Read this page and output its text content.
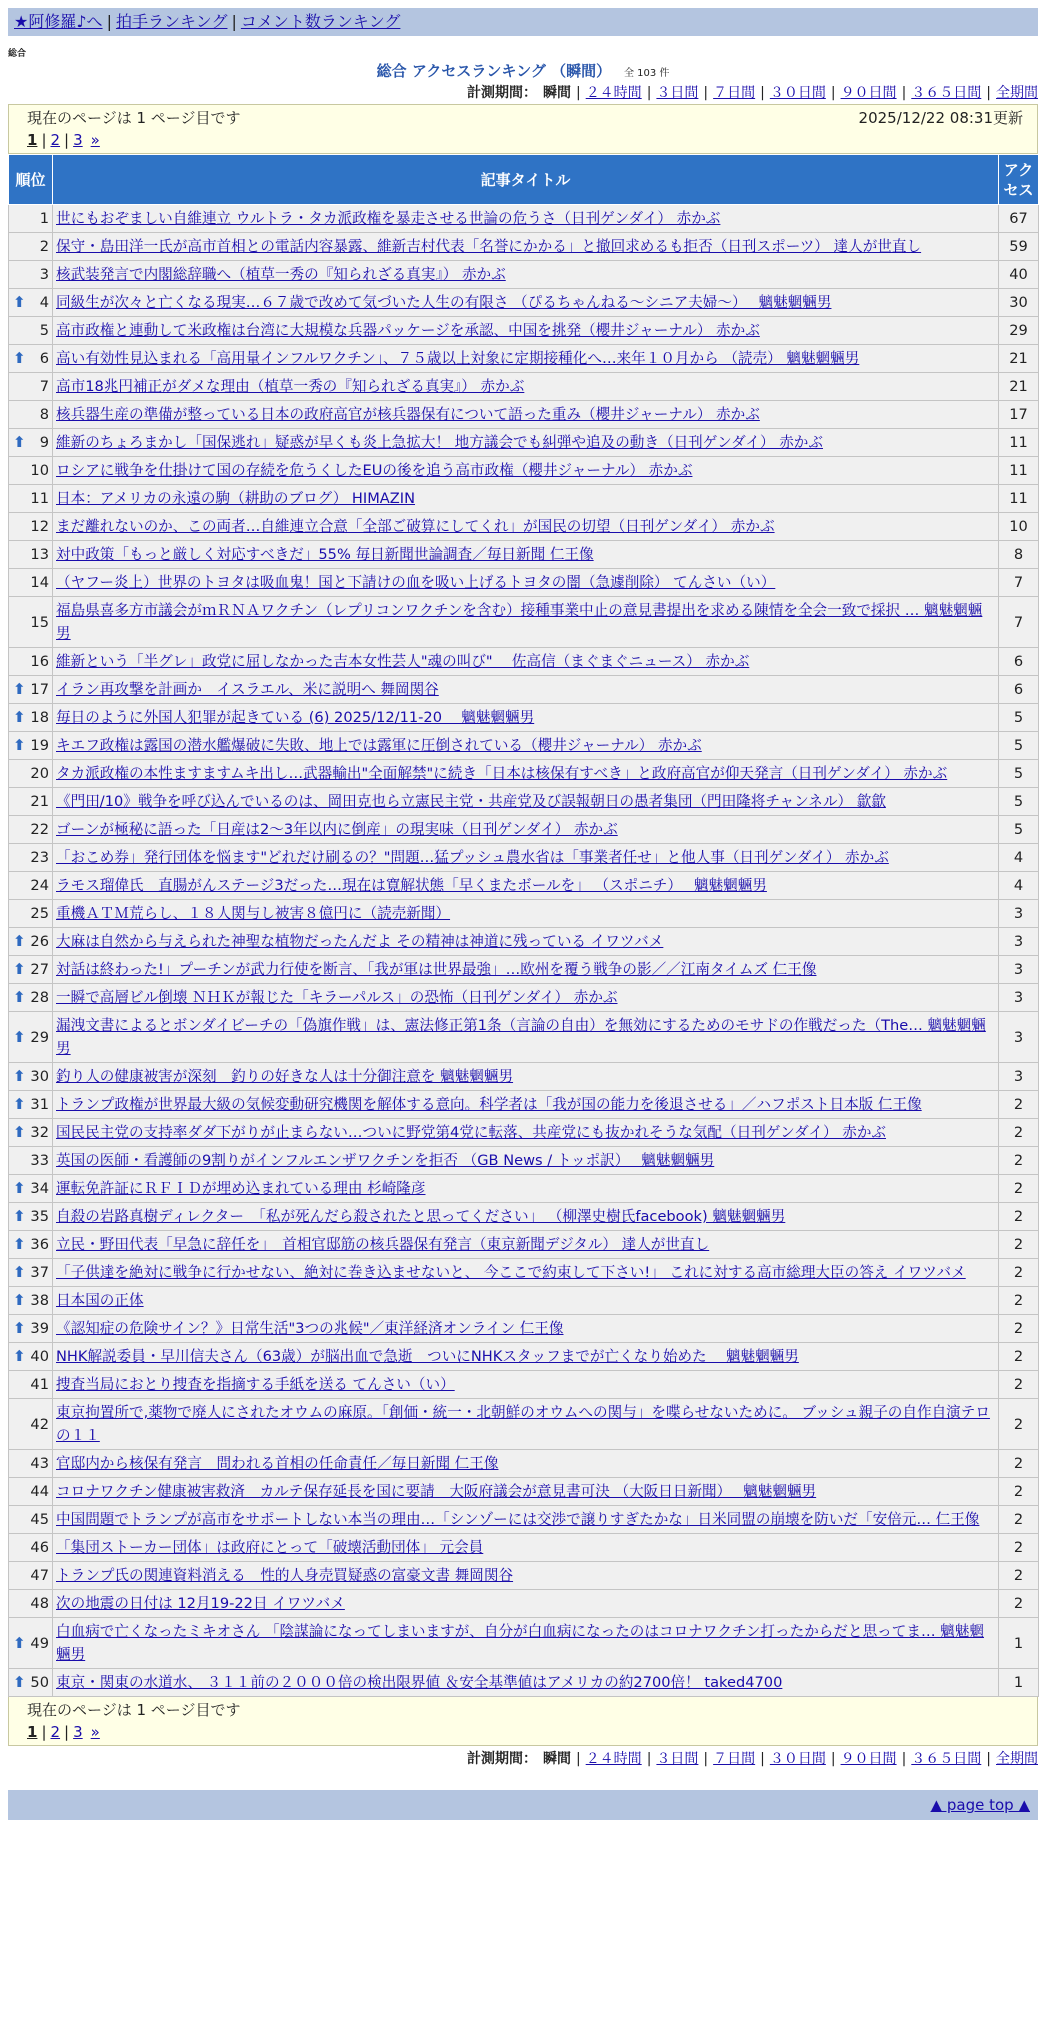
★阿修羅♪へ | 拍手ランキング | コメント数ランキング
総合
総合 アクセスランキング （瞬間） 全 103 件
計測期間： 瞬間 | ２４時間 | ３日間 | ７日間 | ３０日間 | ９０日間 | ３６５日間 | 全期間
現在のページは 1 ページ目です	2025/12/22 08:31更新
1 | 2 | 3 »
順位	記事タイトル	アクセス
1	世にもおぞましい自維連立 ウルトラ・タカ派政権を暴走させる世論の危うさ（日刊ゲンダイ） 赤かぶ	67
2	保守・島田洋一氏が高市首相との電話内容暴露、維新吉村代表「名誉にかかる」と撤回求めるも拒否（日刊スポーツ） 達人が世直し	59
3	核武装発言で内閣総辞職へ（植草一秀の『知られざる真実』） 赤かぶ	40

⬆ 4	同級生が次々と亡くなる現実…６７歳で改めて気づいた人生の有限さ （ぴるちゃんねる～シニア夫婦～）　 魑魅魍魎男	30
5	高市政権と連動して米政権は台湾に大規模な兵器パッケージを承認、中国を挑発（櫻井ジャーナル） 赤かぶ	29

⬆ 6	高い有効性見込まれる「高用量インフルワクチン」、７５歳以上対象に定期接種化へ…来年１０月から （読売） 魑魅魍魎男	21
7	高市18兆円補正がダメな理由（植草一秀の『知られざる真実』） 赤かぶ	21
8	核兵器生産の準備が整っている日本の政府高官が核兵器保有について語った重み（櫻井ジャーナル） 赤かぶ	17

⬆ 9	維新のちょろまかし「国保逃れ」疑惑が早くも炎上急拡大！ 地方議会でも糾弾や追及の動き（日刊ゲンダイ） 赤かぶ	11
10	ロシアに戦争を仕掛けて国の存続を危うくしたEUの後を追う高市政権（櫻井ジャーナル） 赤かぶ	11
11	日本：アメリカの永遠の駒（耕助のブログ） HIMAZIN	11
12	まだ離れないのか、この両者…自維連立合意「全部ご破算にしてくれ」が国民の切望（日刊ゲンダイ） 赤かぶ	10
13	対中政策「もっと厳しく対応すべきだ」55% 毎日新聞世論調査／毎日新聞 仁王像	8
14	（ヤフー炎上）世界のトヨタは吸血鬼！国と下請けの血を吸い上げるトヨタの闇（急遽削除） てんさい（い）	7
15	福島県喜多方市議会がｍＲＮＡワクチン（レプリコンワクチンを含む）接種事業中止の意見書提出を求める陳情を全会一致で採択 … 魑魅魍魎男	7
16	維新という「半グレ」政党に屈しなかった吉本女性芸人"魂の叫び"　 佐高信（まぐまぐニュース） 赤かぶ	6

⬆ 17	イラン再攻撃を計画か　イスラエル、米に説明へ 舞岡関谷	6

⬆ 18	毎日のように外国人犯罪が起きている (6) 2025/12/11-20　 魑魅魍魎男	5

⬆ 19	キエフ政権は露国の潜水艦爆破に失敗、地上では露軍に圧倒されている（櫻井ジャーナル） 赤かぶ	5
20	タカ派政権の本性ますますムキ出し…武器輸出"全面解禁"に続き「日本は核保有すべき」と政府高官が仰天発言（日刊ゲンダイ） 赤かぶ	5
21	《門田/10》戦争を呼び込んでいるのは、岡田克也ら立憲民主党・共産党及び誤報朝日の愚者集団（門田隆将チャンネル） 歙歙	5
22	ゴーンが極秘に語った「日産は2～3年以内に倒産」の現実味（日刊ゲンダイ） 赤かぶ	5
23	「おこめ券」発行団体を悩ます"どれだけ刷るの？"問題…猛プッシュ農水省は「事業者任せ」と他人事（日刊ゲンダイ） 赤かぶ	4
24	ラモス瑠偉氏　直腸がんステージ3だった…現在は寛解状態「早くまたボールを」 （スポニチ）　 魑魅魍魎男	4
25	重機ＡＴＭ荒らし、１８人関与し被害８億円に（読売新聞）	3

⬆ 26	大麻は自然から与えられた神聖な植物だったんだよ その精神は神道に残っている イワツバメ	3

⬆ 27	対話は終わった!」プーチンが武力行使を断言、「我が軍は世界最強」…欧州を覆う戦争の影／／江南タイムズ 仁王像	3

⬆ 28	一瞬で高層ビル倒壊 ＮＨＫが報じた「キラーパルス」の恐怖（日刊ゲンダイ） 赤かぶ	3

⬆ 29	漏洩文書によるとボンダイビーチの「偽旗作戦」は、憲法修正第1条（言論の自由）を無効にするためのモサドの作戦だった（The… 魑魅魍魎男	3

⬆ 30	釣り人の健康被害が深刻　釣りの好きな人は十分御注意を 魑魅魍魎男	3

⬆ 31	トランプ政権が世界最大級の気候変動研究機関を解体する意向。科学者は「我が国の能力を後退させる」／ハフポスト日本版 仁王像	2

⬆ 32	国民民主党の支持率ダダ下がりが止まらない…ついに野党第4党に転落、共産党にも抜かれそうな気配（日刊ゲンダイ） 赤かぶ	2
33	英国の医師・看護師の9割りがインフルエンザワクチンを拒否 （GB News / トッポ訳）　 魑魅魍魎男	2

⬆ 34	運転免許証にＲＦＩＤが埋め込まれている理由 杉崎隆彦	2

⬆ 35	自殺の岩路真樹ディレクター　「私が死んだら殺されたと思ってください」 （柳澤史樹氏facebook) 魑魅魍魎男	2

⬆ 36	立民・野田代表「早急に辞任を」　首相官邸筋の核兵器保有発言（東京新聞デジタル） 達人が世直し	2

⬆ 37	「子供達を絶対に戦争に行かせない、絶対に巻き込ませないと、 今ここで約束して下さい!」 これに対する高市総理大臣の答え イワツバメ	2

⬆ 38	日本国の正体	2

⬆ 39	《認知症の危険サイン？》日常生活"3つの兆候"／東洋経済オンライン 仁王像	2

⬆ 40	NHK解説委員・早川信夫さん（63歳）が脳出血で急逝　ついにNHKスタッフまでが亡くなり始めた　 魑魅魍魎男	2
41	捜査当局におとり捜査を指摘する手紙を送る てんさい（い）	2
42	東京拘置所で,薬物で廃人にされたオウムの麻原。「創価・統一・北朝鮮のオウムへの関与」を喋らせないために。 ブッシュ親子の自作自演テロの１１	2
43	官邸内から核保有発言　問われる首相の任命責任／毎日新聞 仁王像	2
44	コロナワクチン健康被害救済　カルテ保存延長を国に要請　大阪府議会が意見書可決 （大阪日日新聞）　 魑魅魍魎男	2
45	中国問題でトランプが高市をサポートしない本当の理由…「シンゾーには交渉で譲りすぎたかな」日米同盟の崩壊を防いだ「安倍元… 仁王像	2
46	「集団ストーカー団体」は政府にとって「破壊活動団体」 元会員	2
47	トランプ氏の関連資料消える　性的人身売買疑惑の富豪文書 舞岡関谷	2
48	次の地震の日付は 12月19-22日 イワツバメ	2

⬆ 49	白血病で亡くなったミキオさん 「陰謀論になってしまいますが、自分が白血病になったのはコロナワクチン打ったからだと思ってま… 魑魅魍魎男	1

⬆ 50	東京・関東の水道水、 ３１１前の２０００倍の検出限界値 ＆安全基準値はアメリカの約2700倍！ taked4700	1
現在のページは 1 ページ目です
1 | 2 | 3 »
計測期間： 瞬間 | ２４時間 | ３日間 | ７日間 | ３０日間 | ９０日間 | ３６５日間 | 全期間
▲ page top ▲
